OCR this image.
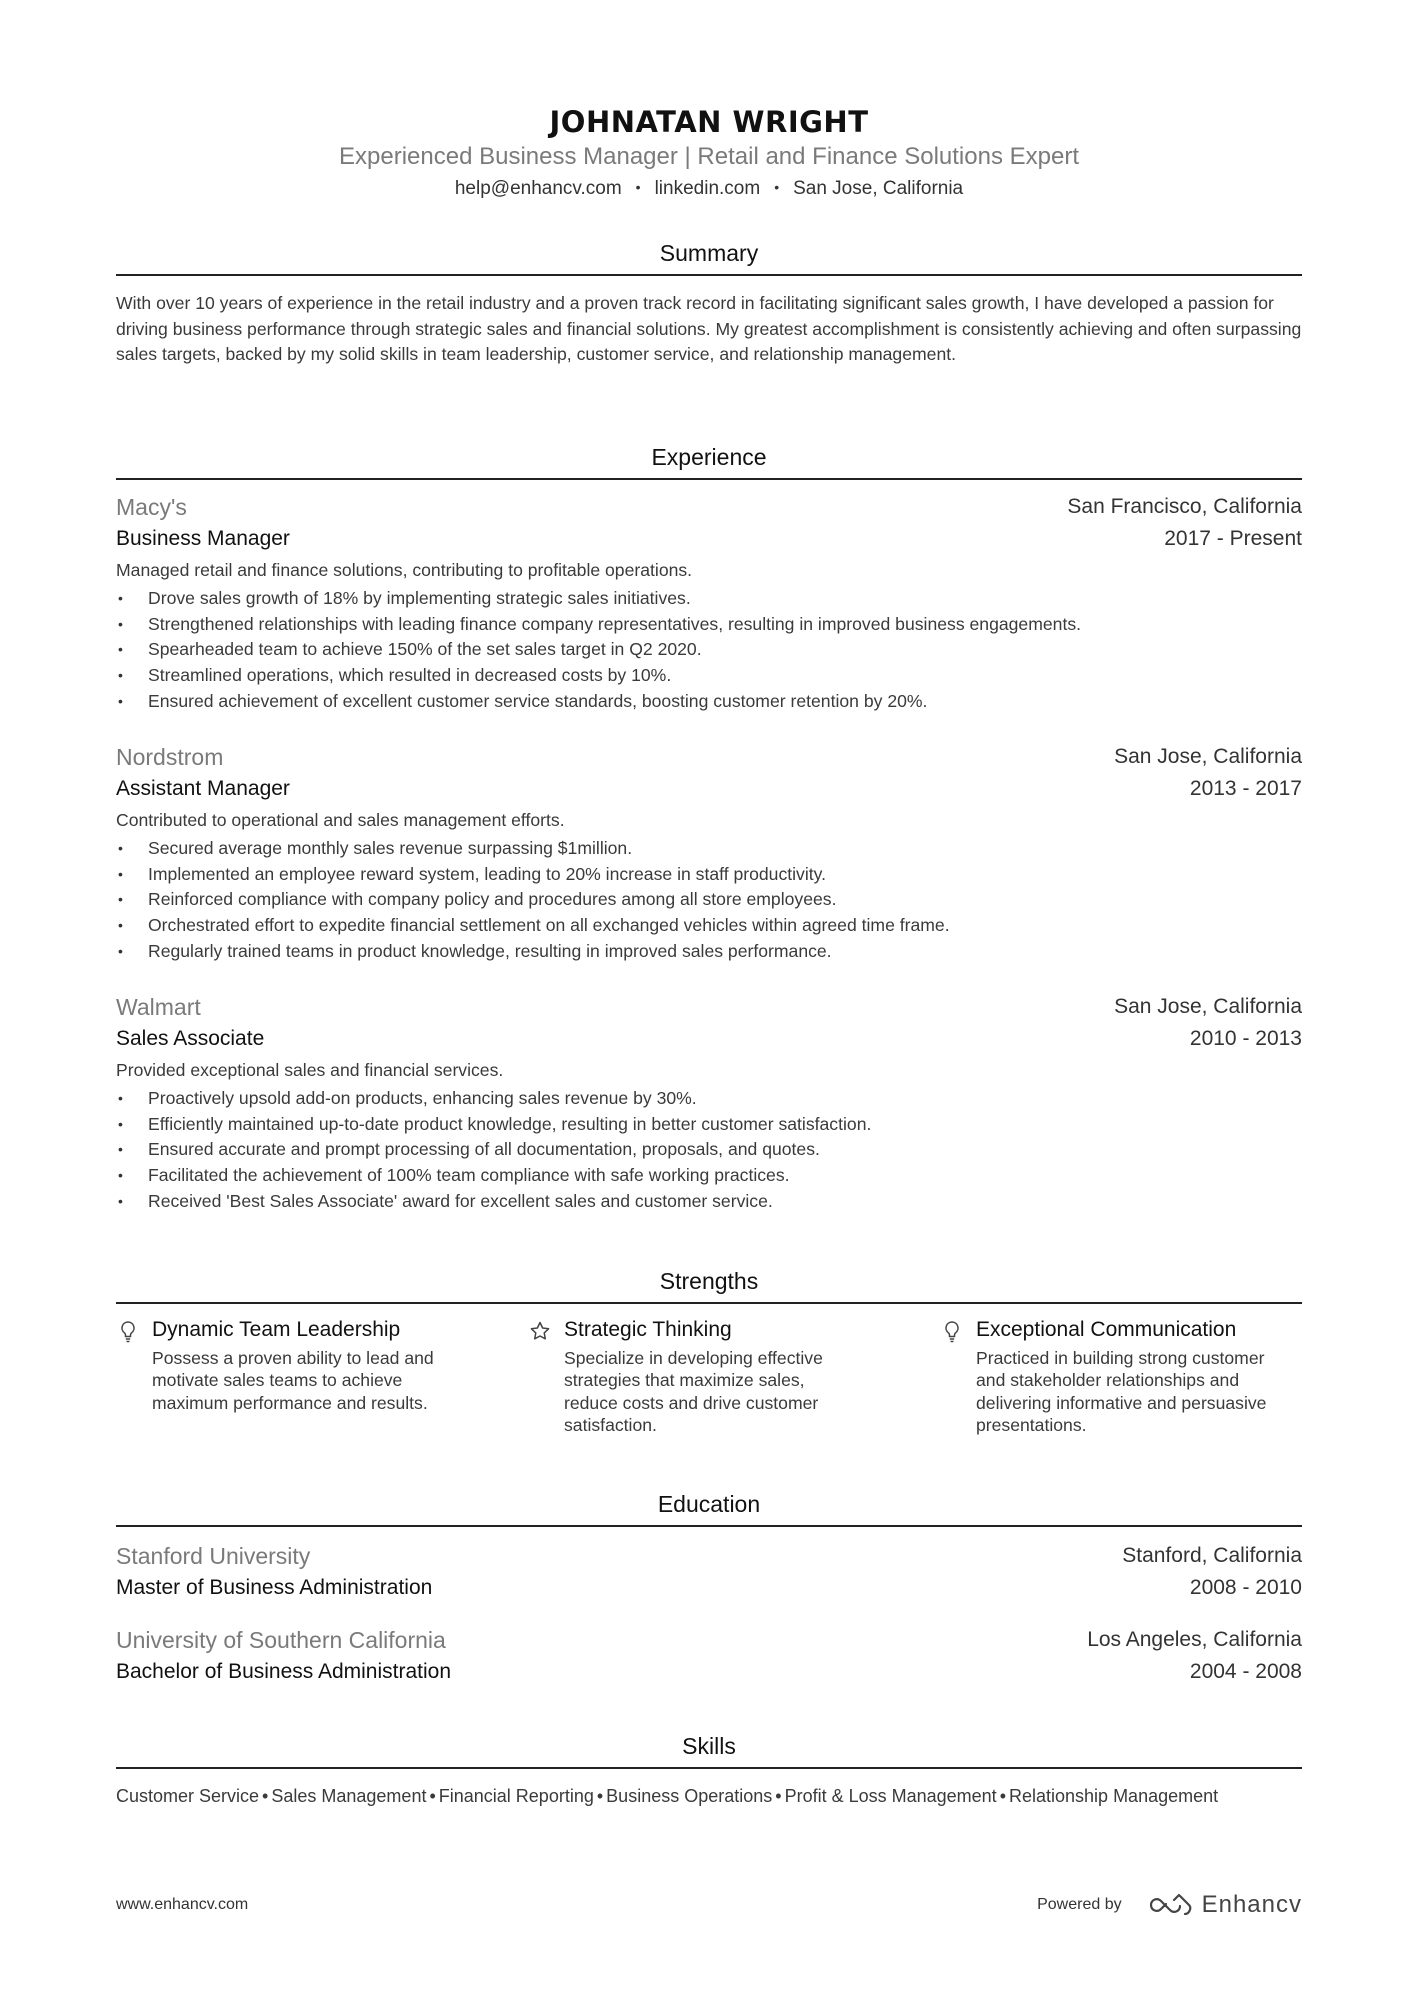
JOHNATAN WRIGHT
Experienced Business Manager | Retail and Finance Solutions Expert
help@enhancv.com • linkedin.com • San Jose, California
Summary
With over 10 years of experience in the retail industry and a proven track record in facilitating significant sales growth, I have developed a passion for driving business performance through strategic sales and financial solutions. My greatest accomplishment is consistently achieving and often surpassing sales targets, backed by my solid skills in team leadership, customer service, and relationship management.
Experience
Macy's	San Francisco, California
Business Manager	2017 - Present
Managed retail and finance solutions, contributing to profitable operations.
• Drove sales growth of 18% by implementing strategic sales initiatives.
• Strengthened relationships with leading finance company representatives, resulting in improved business engagements.
• Spearheaded team to achieve 150% of the set sales target in Q2 2020.
• Streamlined operations, which resulted in decreased costs by 10%.
• Ensured achievement of excellent customer service standards, boosting customer retention by 20%.
Nordstrom	San Jose, California
Assistant Manager	2013 - 2017
Contributed to operational and sales management efforts.
• Secured average monthly sales revenue surpassing $1million.
• Implemented an employee reward system, leading to 20% increase in staff productivity.
• Reinforced compliance with company policy and procedures among all store employees.
• Orchestrated effort to expedite financial settlement on all exchanged vehicles within agreed time frame.
• Regularly trained teams in product knowledge, resulting in improved sales performance.
Walmart	San Jose, California
Sales Associate	2010 - 2013
Provided exceptional sales and financial services.
• Proactively upsold add-on products, enhancing sales revenue by 30%.
• Efficiently maintained up-to-date product knowledge, resulting in better customer satisfaction.
• Ensured accurate and prompt processing of all documentation, proposals, and quotes.
• Facilitated the achievement of 100% team compliance with safe working practices.
• Received 'Best Sales Associate' award for excellent sales and customer service.
Strengths
Dynamic Team Leadership
Possess a proven ability to lead and
motivate sales teams to achieve
maximum performance and results.
Strategic Thinking
Specialize in developing effective
strategies that maximize sales,
reduce costs and drive customer
satisfaction.
Exceptional Communication
Practiced in building strong customer
and stakeholder relationships and
delivering informative and persuasive
presentations.
Education
Stanford University	Stanford, California
Master of Business Administration	2008 - 2010
University of Southern California	Los Angeles, California
Bachelor of Business Administration	2004 - 2008
Skills
Customer Service • Sales Management • Financial Reporting • Business Operations • Profit & Loss Management • Relationship Management
www.enhancv.com	Powered by	Enhancv
